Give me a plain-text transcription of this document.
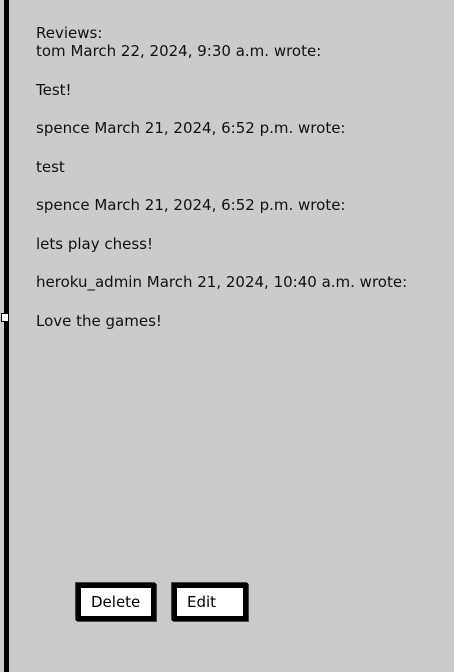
Reviews:

tom March 22, 2024, 9:30 a.m. wrote:

Test!

spence March 21, 2024, 6:52 p.m. wrote:

test

spence March 21, 2024, 6:52 p.m. wrote:

lets play chess!

heroku_admin March 21, 2024, 10:40 a.m. wrote:

Love the games!

Delete	Edit
